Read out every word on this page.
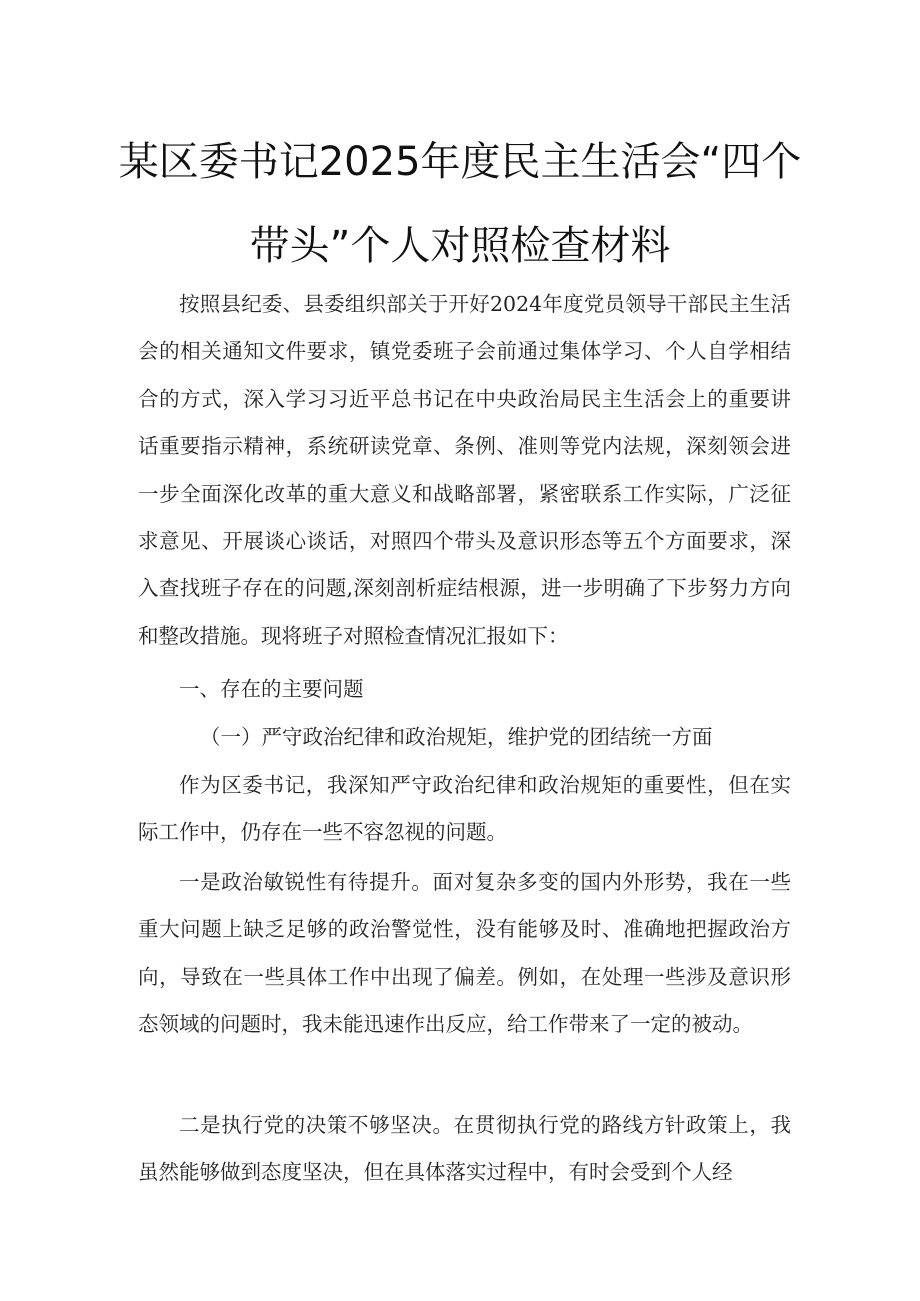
某区委书记2025年度民主生活会“四个
带头”个人对照检查材料

按照县纪委、县委组织部关于开好2024年度党员领导干部民主生活会的相关通知文件要求，镇党委班子会前通过集体学习、个人自学相结合的方式，深入学习习近平总书记在中央政治局民主生活会上的重要讲话重要指示精神，系统研读党章、条例、准则等党内法规，深刻领会进一步全面深化改革的重大意义和战略部署，紧密联系工作实际，广泛征求意见、开展谈心谈话，对照四个带头及意识形态等五个方面要求，深入查找班子存在的问题,深刻剖析症结根源，进一步明确了下步努力方向和整改措施。现将班子对照检查情况汇报如下：

一、存在的主要问题

（一）严守政治纪律和政治规矩，维护党的团结统一方面

作为区委书记，我深知严守政治纪律和政治规矩的重要性，但在实际工作中，仍存在一些不容忽视的问题。

一是政治敏锐性有待提升。面对复杂多变的国内外形势，我在一些重大问题上缺乏足够的政治警觉性，没有能够及时、准确地把握政治方向，导致在一些具体工作中出现了偏差。例如，在处理一些涉及意识形态领域的问题时，我未能迅速作出反应，给工作带来了一定的被动。

二是执行党的决策不够坚决。在贯彻执行党的路线方针政策上，我虽然能够做到态度坚决，但在具体落实过程中，有时会受到个人经
